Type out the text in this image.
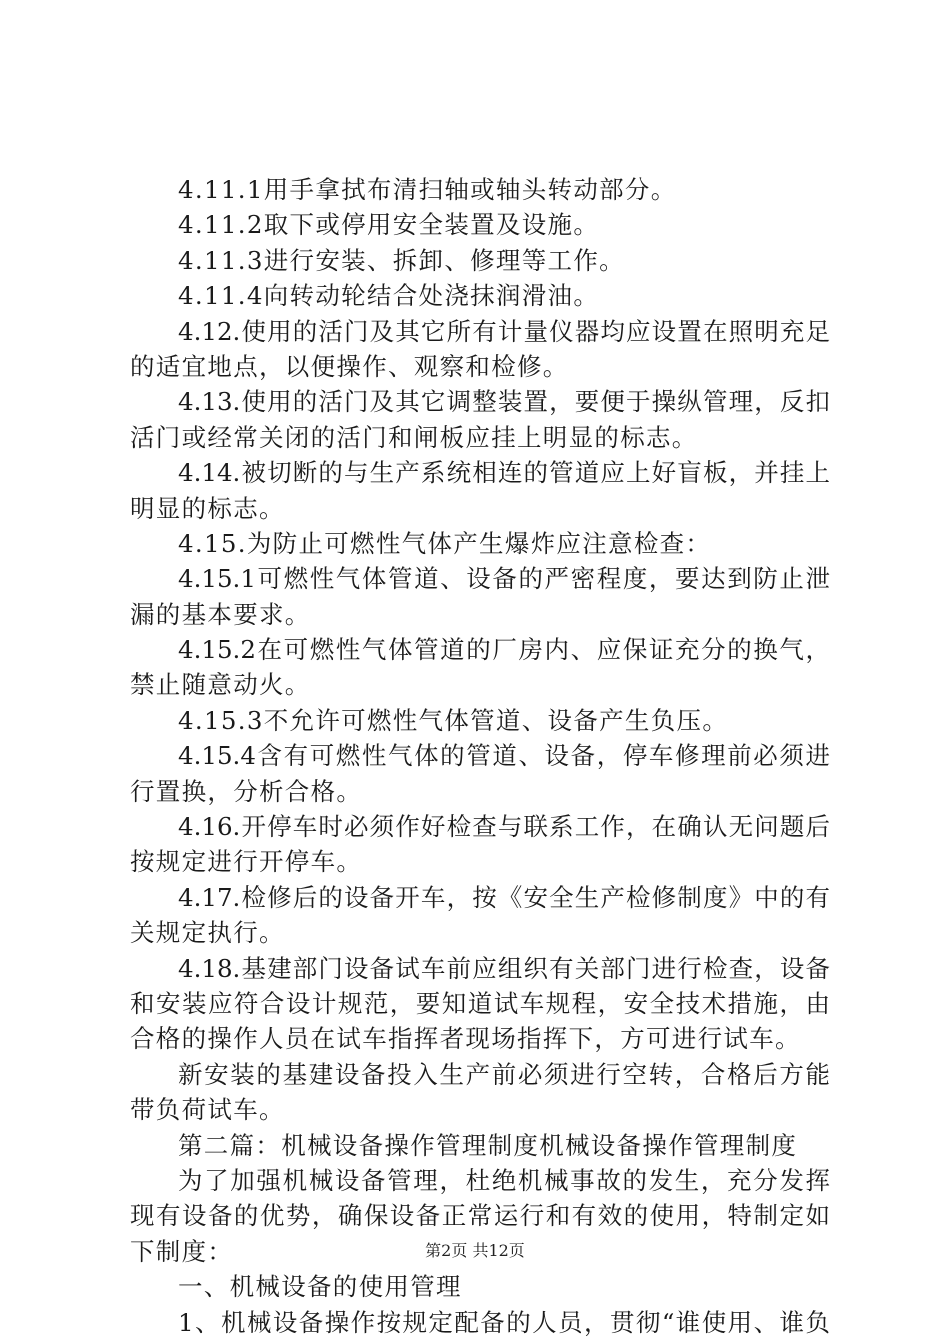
4.11.1用手拿拭布清扫轴或轴头转动部分。
4.11.2取下或停用安全装置及设施。
4.11.3进行安装、拆卸、修理等工作。
4.11.4向转动轮结合处浇抹润滑油。
4.12.使用的活门及其它所有计量仪器均应设置在照明充足
的适宜地点，以便操作、观察和检修。
4.13.使用的活门及其它调整装置，要便于操纵管理，反扣
活门或经常关闭的活门和闸板应挂上明显的标志。
4.14.被切断的与生产系统相连的管道应上好盲板，并挂上
明显的标志。
4.15.为防止可燃性气体产生爆炸应注意检查：
4.15.1可燃性气体管道、设备的严密程度，要达到防止泄
漏的基本要求。
4.15.2在可燃性气体管道的厂房内、应保证充分的换气，
禁止随意动火。
4.15.3不允许可燃性气体管道、设备产生负压。
4.15.4含有可燃性气体的管道、设备，停车修理前必须进
行置换，分析合格。
4.16.开停车时必须作好检查与联系工作，在确认无问题后
按规定进行开停车。
4.17.检修后的设备开车，按《安全生产检修制度》中的有
关规定执行。
4.18.基建部门设备试车前应组织有关部门进行检查，设备
和安装应符合设计规范，要知道试车规程，安全技术措施，由
合格的操作人员在试车指挥者现场指挥下，方可进行试车。
新安装的基建设备投入生产前必须进行空转，合格后方能
带负荷试车。
第二篇：机械设备操作管理制度机械设备操作管理制度
为了加强机械设备管理，杜绝机械事故的发生，充分发挥
现有设备的优势，确保设备正常运行和有效的使用，特制定如
下制度：
一、机械设备的使用管理
1、机械设备操作按规定配备的人员，贯彻“谁使用、谁负
第2页 共12页
